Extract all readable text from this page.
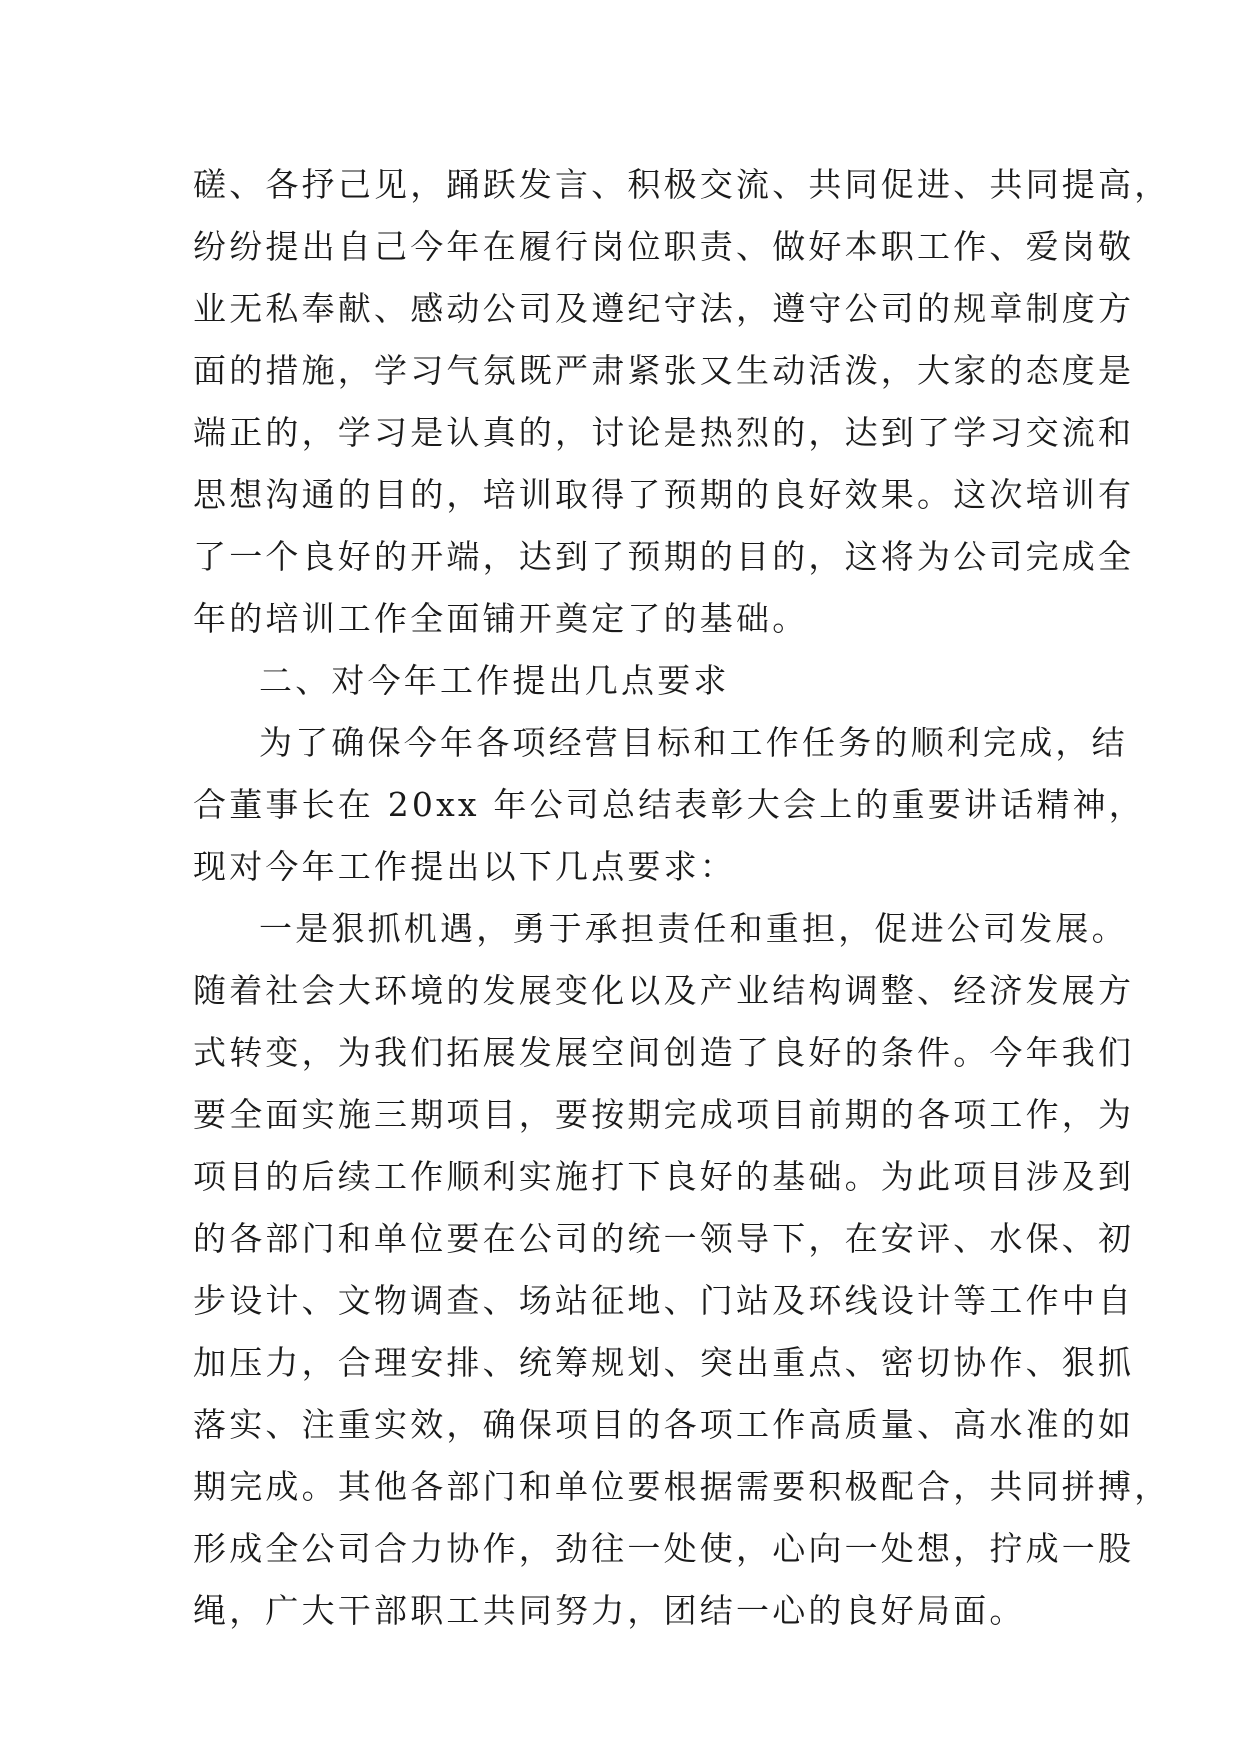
磋、各抒己见，踊跃发言、积极交流、共同促进、共同提高，
纷纷提出自己今年在履行岗位职责、做好本职工作、爱岗敬
业无私奉献、感动公司及遵纪守法，遵守公司的规章制度方
面的措施，学习气氛既严肃紧张又生动活泼，大家的态度是
端正的，学习是认真的，讨论是热烈的，达到了学习交流和
思想沟通的目的，培训取得了预期的良好效果。这次培训有
了一个良好的开端，达到了预期的目的，这将为公司完成全
年的培训工作全面铺开奠定了的基础。
二、对今年工作提出几点要求
为了确保今年各项经营目标和工作任务的顺利完成，结
合董事长在 20xx 年公司总结表彰大会上的重要讲话精神，
现对今年工作提出以下几点要求：
一是狠抓机遇，勇于承担责任和重担，促进公司发展。
随着社会大环境的发展变化以及产业结构调整、经济发展方
式转变，为我们拓展发展空间创造了良好的条件。今年我们
要全面实施三期项目，要按期完成项目前期的各项工作，为
项目的后续工作顺利实施打下良好的基础。为此项目涉及到
的各部门和单位要在公司的统一领导下，在安评、水保、初
步设计、文物调查、场站征地、门站及环线设计等工作中自
加压力，合理安排、统筹规划、突出重点、密切协作、狠抓
落实、注重实效，确保项目的各项工作高质量、高水准的如
期完成。其他各部门和单位要根据需要积极配合，共同拼搏，
形成全公司合力协作，劲往一处使，心向一处想，拧成一股
绳，广大干部职工共同努力，团结一心的良好局面。
